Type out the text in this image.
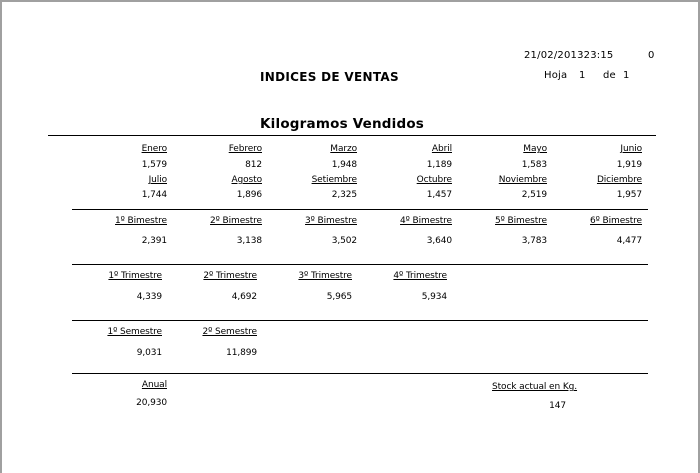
21/02/201323:15	0
Hoja 1 de 1
INDICES DE VENTAS
Kilogramos Vendidos
Enero
1,579
Febrero
812
Marzo
1,948
Abril
1,189
Mayo
1,583
Junio
1,919
Julio
1,744
Agosto
1,896
Setiembre
2,325
Octubre
1,457
Noviembre
2,519
Diciembre
1,957
1º Bimestre
2,391
2º Bimestre
3,138
3º Bimestre
3,502
4º Bimestre
3,640
5º Bimestre
3,783
6º Bimestre
4,477
1º Trimestre
4,339
2º Trimestre
4,692
3º Trimestre
5,965
4º Trimestre
5,934
1º Semestre
9,031
2º Semestre
11,899
Anual
20,930
Stock actual en Kg.
147
